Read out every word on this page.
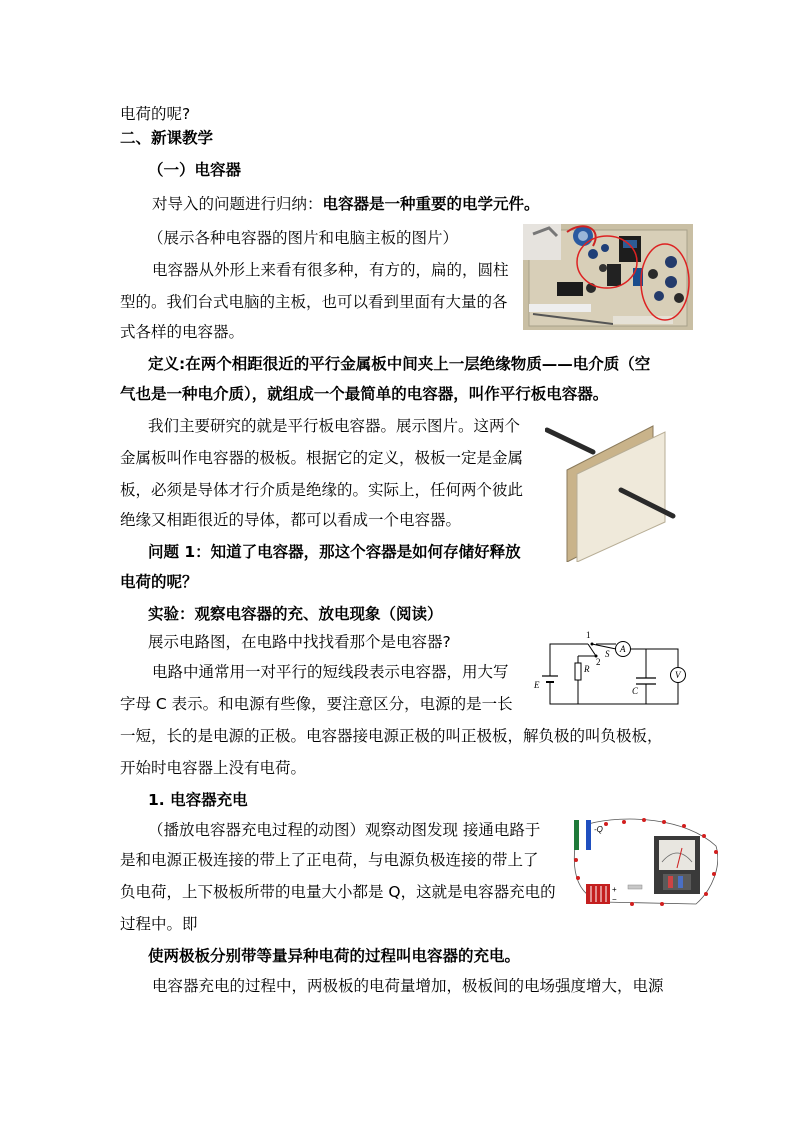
电荷的呢?
二、新课教学
（一）电容器
对导入的问题进行归纳：电容器是一种重要的电学元件。
（展示各种电容器的图片和电脑主板的图片）
电容器从外形上来看有很多种，有方的，扁的，圆柱
型的。我们台式电脑的主板，也可以看到里面有大量的各
式各样的电容器。
定义:在两个相距很近的平行金属板中间夹上一层绝缘物质——电介质（空
气也是一种电介质），就组成一个最简单的电容器，叫作平行板电容器。
我们主要研究的就是平行板电容器。展示图片。这两个
金属板叫作电容器的极板。根据它的定义，极板一定是金属
板，必须是导体才行介质是绝缘的。实际上，任何两个彼此
绝缘又相距很近的导体，都可以看成一个电容器。
问题 1：知道了电容器，那这个容器是如何存储好释放
电荷的呢？
实验：观察电容器的充、放电现象（阅读）
展示电路图，在电路中找找看那个是电容器?
电路中通常用一对平行的短线段表示电容器，用大写
字母 C 表示。和电源有些像，要注意区分，电源的是一长
一短，长的是电源的正极。电容器接电源正极的叫正极板，解负极的叫负极板，
开始时电容器上没有电荷。
1. 电容器充电
（播放电容器充电过程的动图）观察动图发现 接通电路于
是和电源正极连接的带上了正电荷，与电源负极连接的带上了
负电荷，上下极板所带的电量大小都是 Q，这就是电容器充电的
过程中。即
使两极板分别带等量异种电荷的过程叫电容器的充电。
电容器充电的过程中，两极板的电荷量增加，极板间的电场强度增大，电源
1
2
S A
V
R
E
C
-Q
+
−
